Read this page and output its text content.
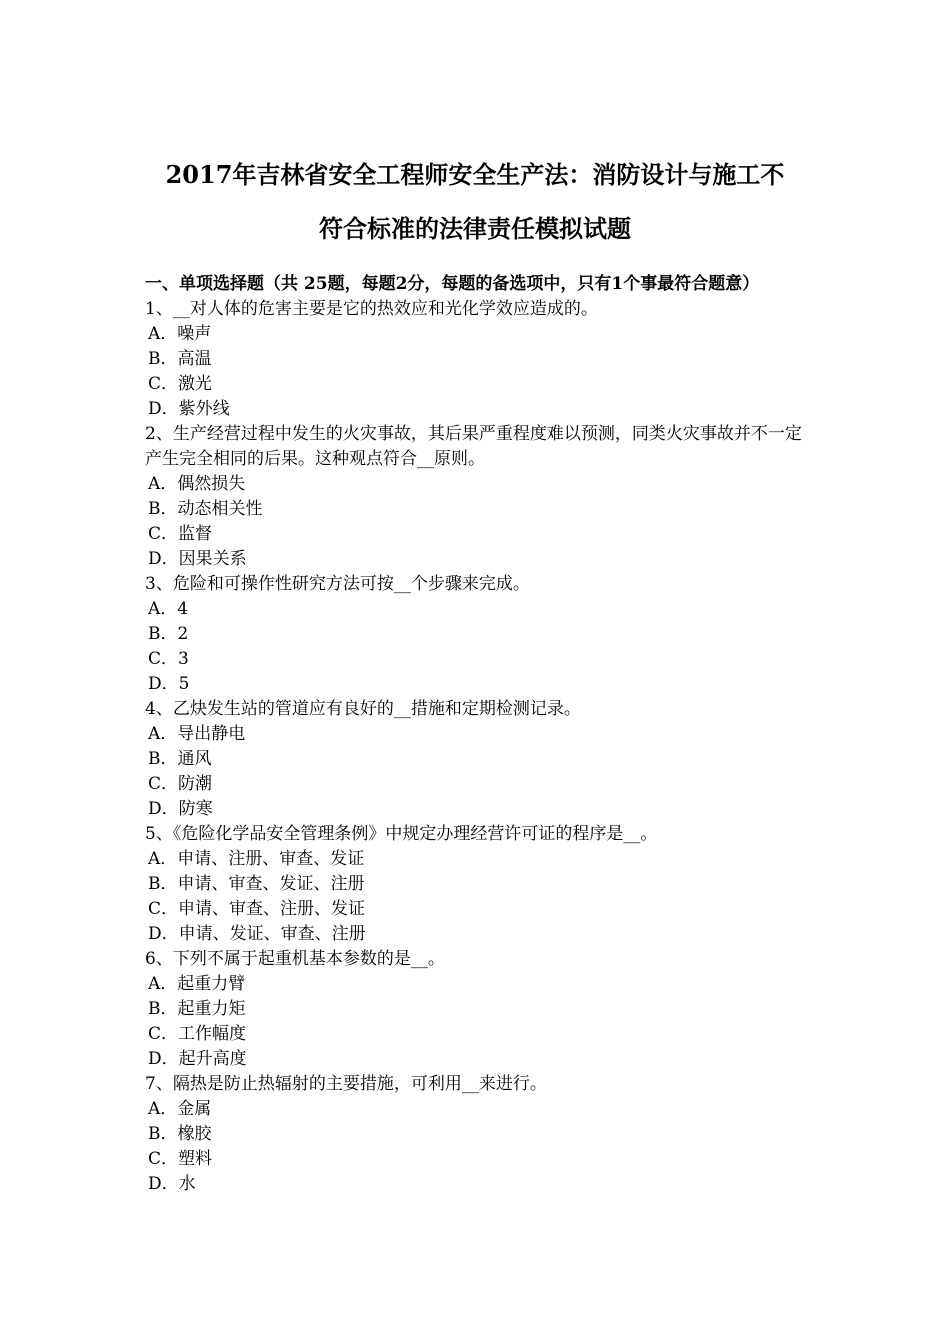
2017年吉林省安全工程师安全生产法：消防设计与施工不
符合标准的法律责任模拟试题

一、单项选择题（共 25题，每题2分，每题的备选项中，只有1个事最符合题意）

1、__对人体的危害主要是它的热效应和光化学效应造成的。

A．噪声

B．高温

C．激光

D．紫外线

2、生产经营过程中发生的火灾事故，其后果严重程度难以预测，同类火灾事故并不一定产生完全相同的后果。这种观点符合__原则。

A．偶然损失

B．动态相关性

C．监督

D．因果关系

3、危险和可操作性研究方法可按__个步骤来完成。

A．4

B．2

C．3

D．5

4、乙炔发生站的管道应有良好的__措施和定期检测记录。

A．导出静电

B．通风

C．防潮

D．防寒

5、《危险化学品安全管理条例》中规定办理经营许可证的程序是__。

A．申请、注册、审查、发证

B．申请、审查、发证、注册

C．申请、审查、注册、发证

D．申请、发证、审查、注册

6、下列不属于起重机基本参数的是__。

A．起重力臂

B．起重力矩

C．工作幅度

D．起升高度

7、隔热是防止热辐射的主要措施，可利用__来进行。

A．金属

B．橡胶

C．塑料

D．水
